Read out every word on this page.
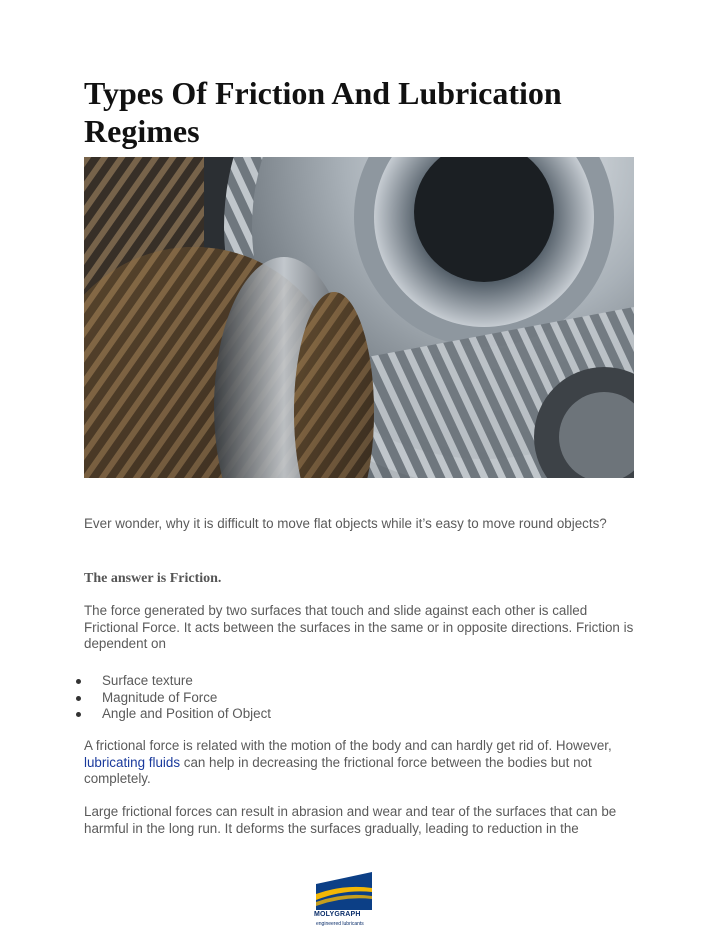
Types Of Friction And Lubrication Regimes

Ever wonder, why it is difficult to move flat objects while it’s easy to move round objects?

The answer is Friction.

The force generated by two surfaces that touch and slide against each other is called Frictional Force. It acts between the surfaces in the same or in opposite directions. Friction is dependent on

Surface texture
Magnitude of Force
Angle and Position of Object

A frictional force is related with the motion of the body and can hardly get rid of. However, lubricating fluids can help in decreasing the frictional force between the bodies but not completely.

Large frictional forces can result in abrasion and wear and tear of the surfaces that can be harmful in the long run. It deforms the surfaces gradually, leading to reduction in the

MOLYGRAPH
engineered lubricants
